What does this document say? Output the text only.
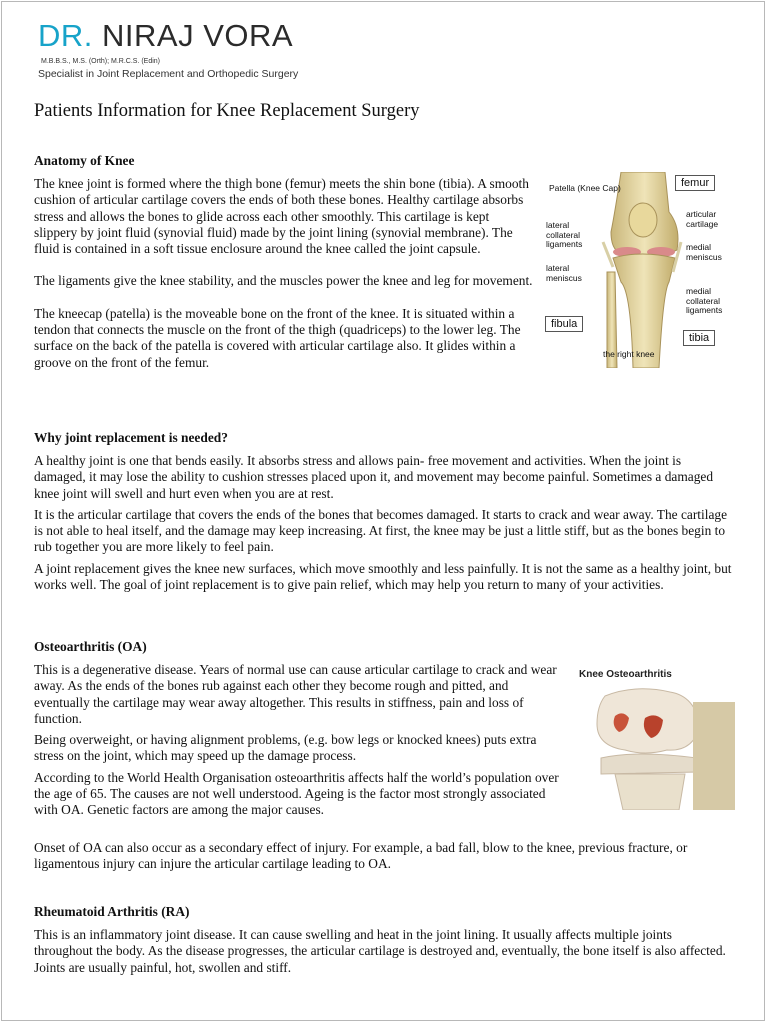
DR. NIRAJ VORA
M.B.B.S., M.S. (Orth); M.R.C.S. (Edin)
Specialist in Joint Replacement and Orthopedic Surgery
Patients Information for Knee Replacement Surgery
Anatomy of Knee

The knee joint is formed where the thigh bone (femur) meets the shin bone (tibia). A smooth cushion of articular cartilage covers the ends of both these bones. Healthy cartilage absorbs stress and allows the bones to glide across each other smoothly. This cartilage is kept slippery by joint fluid (synovial fluid) made by the joint lining (synovial membrane). The fluid is contained in a soft tissue enclosure around the knee called the joint capsule.

The ligaments give the knee stability, and the muscles power the knee and leg for movement.

The kneecap (patella) is the moveable bone on the front of the knee. It is situated within a tendon that connects the muscle on the front of the thigh (quadriceps) to the lower leg. The surface on the back of the patella is covered with articular cartilage also. It glides within a groove on the front of the femur.

Patella (Knee Cap)	femur
articular cartilage
lateral collateral ligaments	medial meniscus
lateral meniscus
medial collateral ligaments
fibula
tibia
the right knee
Why joint replacement is needed?

A healthy joint is one that bends easily. It absorbs stress and allows pain- free movement and activities. When the joint is damaged, it may lose the ability to cushion stresses placed upon it, and movement may become painful. Sometimes a damaged knee joint will swell and hurt even when you are at rest.

It is the articular cartilage that covers the ends of the bones that becomes damaged. It starts to crack and wear away. The cartilage is not able to heal itself, and the damage may keep increasing. At first, the knee may be just a little stiff, but as the bones begin to rub together you are more likely to feel pain.

A joint replacement gives the knee new surfaces, which move smoothly and less painfully. It is not the same as a healthy joint, but works well. The goal of joint replacement is to give pain relief, which may help you return to many of your activities.

Osteoarthritis (OA)

This is a degenerative disease. Years of normal use can cause articular cartilage to crack and wear away. As the ends of the bones rub against each other they become rough and pitted, and eventually the cartilage may wear away altogether. This results in stiffness, pain and loss of function.

Being overweight, or having alignment problems, (e.g. bow legs or knocked knees) puts extra stress on the joint, which may speed up the damage process.

According to the World Health Organisation osteoarthritis affects half the world’s population over the age of 65. The causes are not well understood. Ageing is the factor most strongly associated with OA. Genetic factors are among the major causes.

Onset of OA can also occur as a secondary effect of injury. For example, a bad fall, blow to the knee, previous fracture, or ligamentous injury can injure the articular cartilage leading to OA.

Knee Osteoarthritis
Rheumatoid Arthritis (RA)

This is an inflammatory joint disease. It can cause swelling and heat in the joint lining. It usually affects multiple joints throughout the body. As the disease progresses, the articular cartilage is destroyed and, eventually, the bone itself is also affected. Joints are usually painful, hot, swollen and stiff.
